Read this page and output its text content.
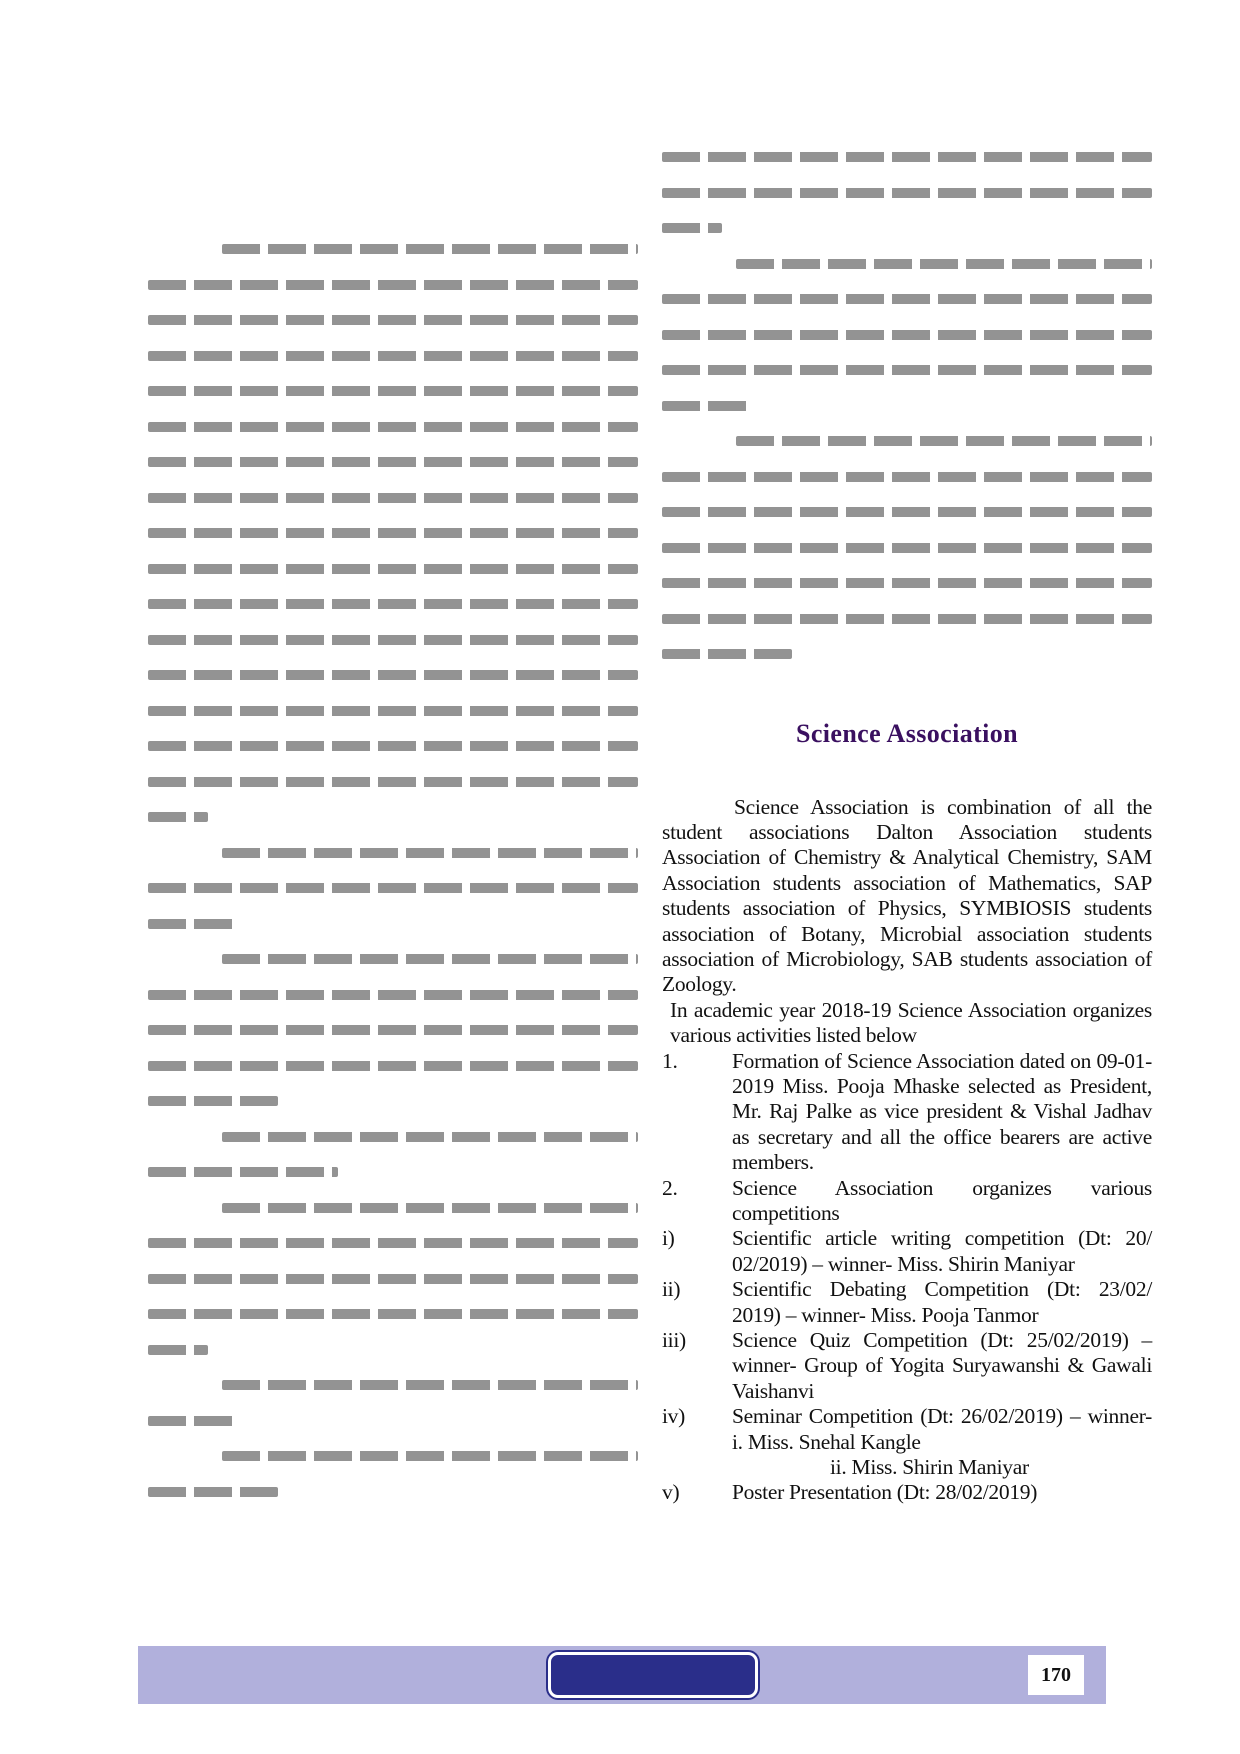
Science Association
Science Association is combination of all the student associations Dalton Association students Association of Chemistry & Analytical Chemistry, SAM Association students association of Mathematics, SAP students association of Physics, SYMBIOSIS students association of Botany, Microbial association students association of Microbiology, SAB students association of Zoology.
In academic year 2018-19 Science Association organizes various activities listed below
1.	Formation of Science Association dated on 09-01-2019 Miss. Pooja Mhaske selected as President, Mr. Raj Palke as vice president & Vishal Jadhav as secretary and all the office bearers are active members.
2.	Science Association organizes various competitions
i)	Scientific article writing competition (Dt: 20/ 02/2019) – winner- Miss. Shirin Maniyar
ii)	Scientific Debating Competition (Dt: 23/02/ 2019) – winner- Miss. Pooja Tanmor
iii)	Science Quiz Competition (Dt: 25/02/2019) – winner- Group of Yogita Suryawanshi & Gawali Vaishanvi
iv)	Seminar Competition (Dt: 26/02/2019) – winner- i. Miss. Snehal Kangle
ii. Miss. Shirin Maniyar
v)	Poster Presentation (Dt: 28/02/2019)
170
